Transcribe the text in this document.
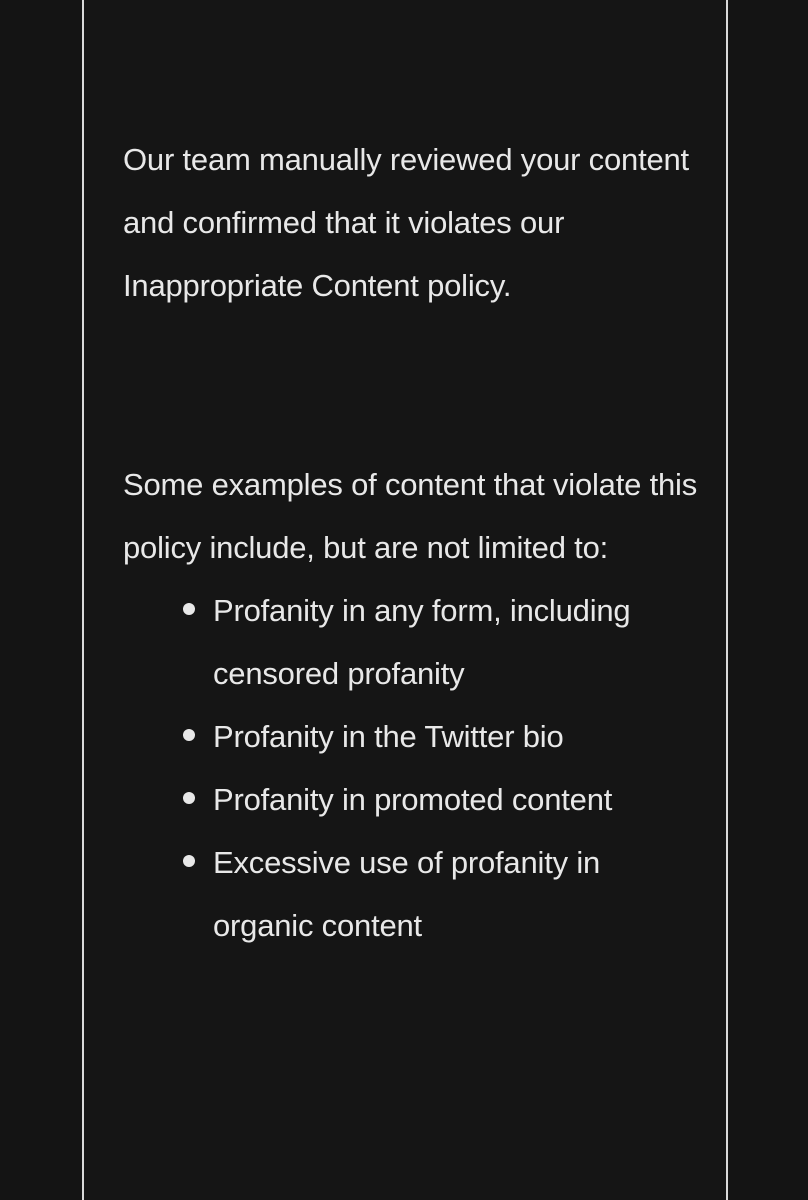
Our team manually reviewed your content and confirmed that it violates our Inappropriate Content policy.

Some examples of content that violate this policy include, but are not limited to:

Profanity in any form, including censored profanity
Profanity in the Twitter bio
Profanity in promoted content
Excessive use of profanity in organic content
